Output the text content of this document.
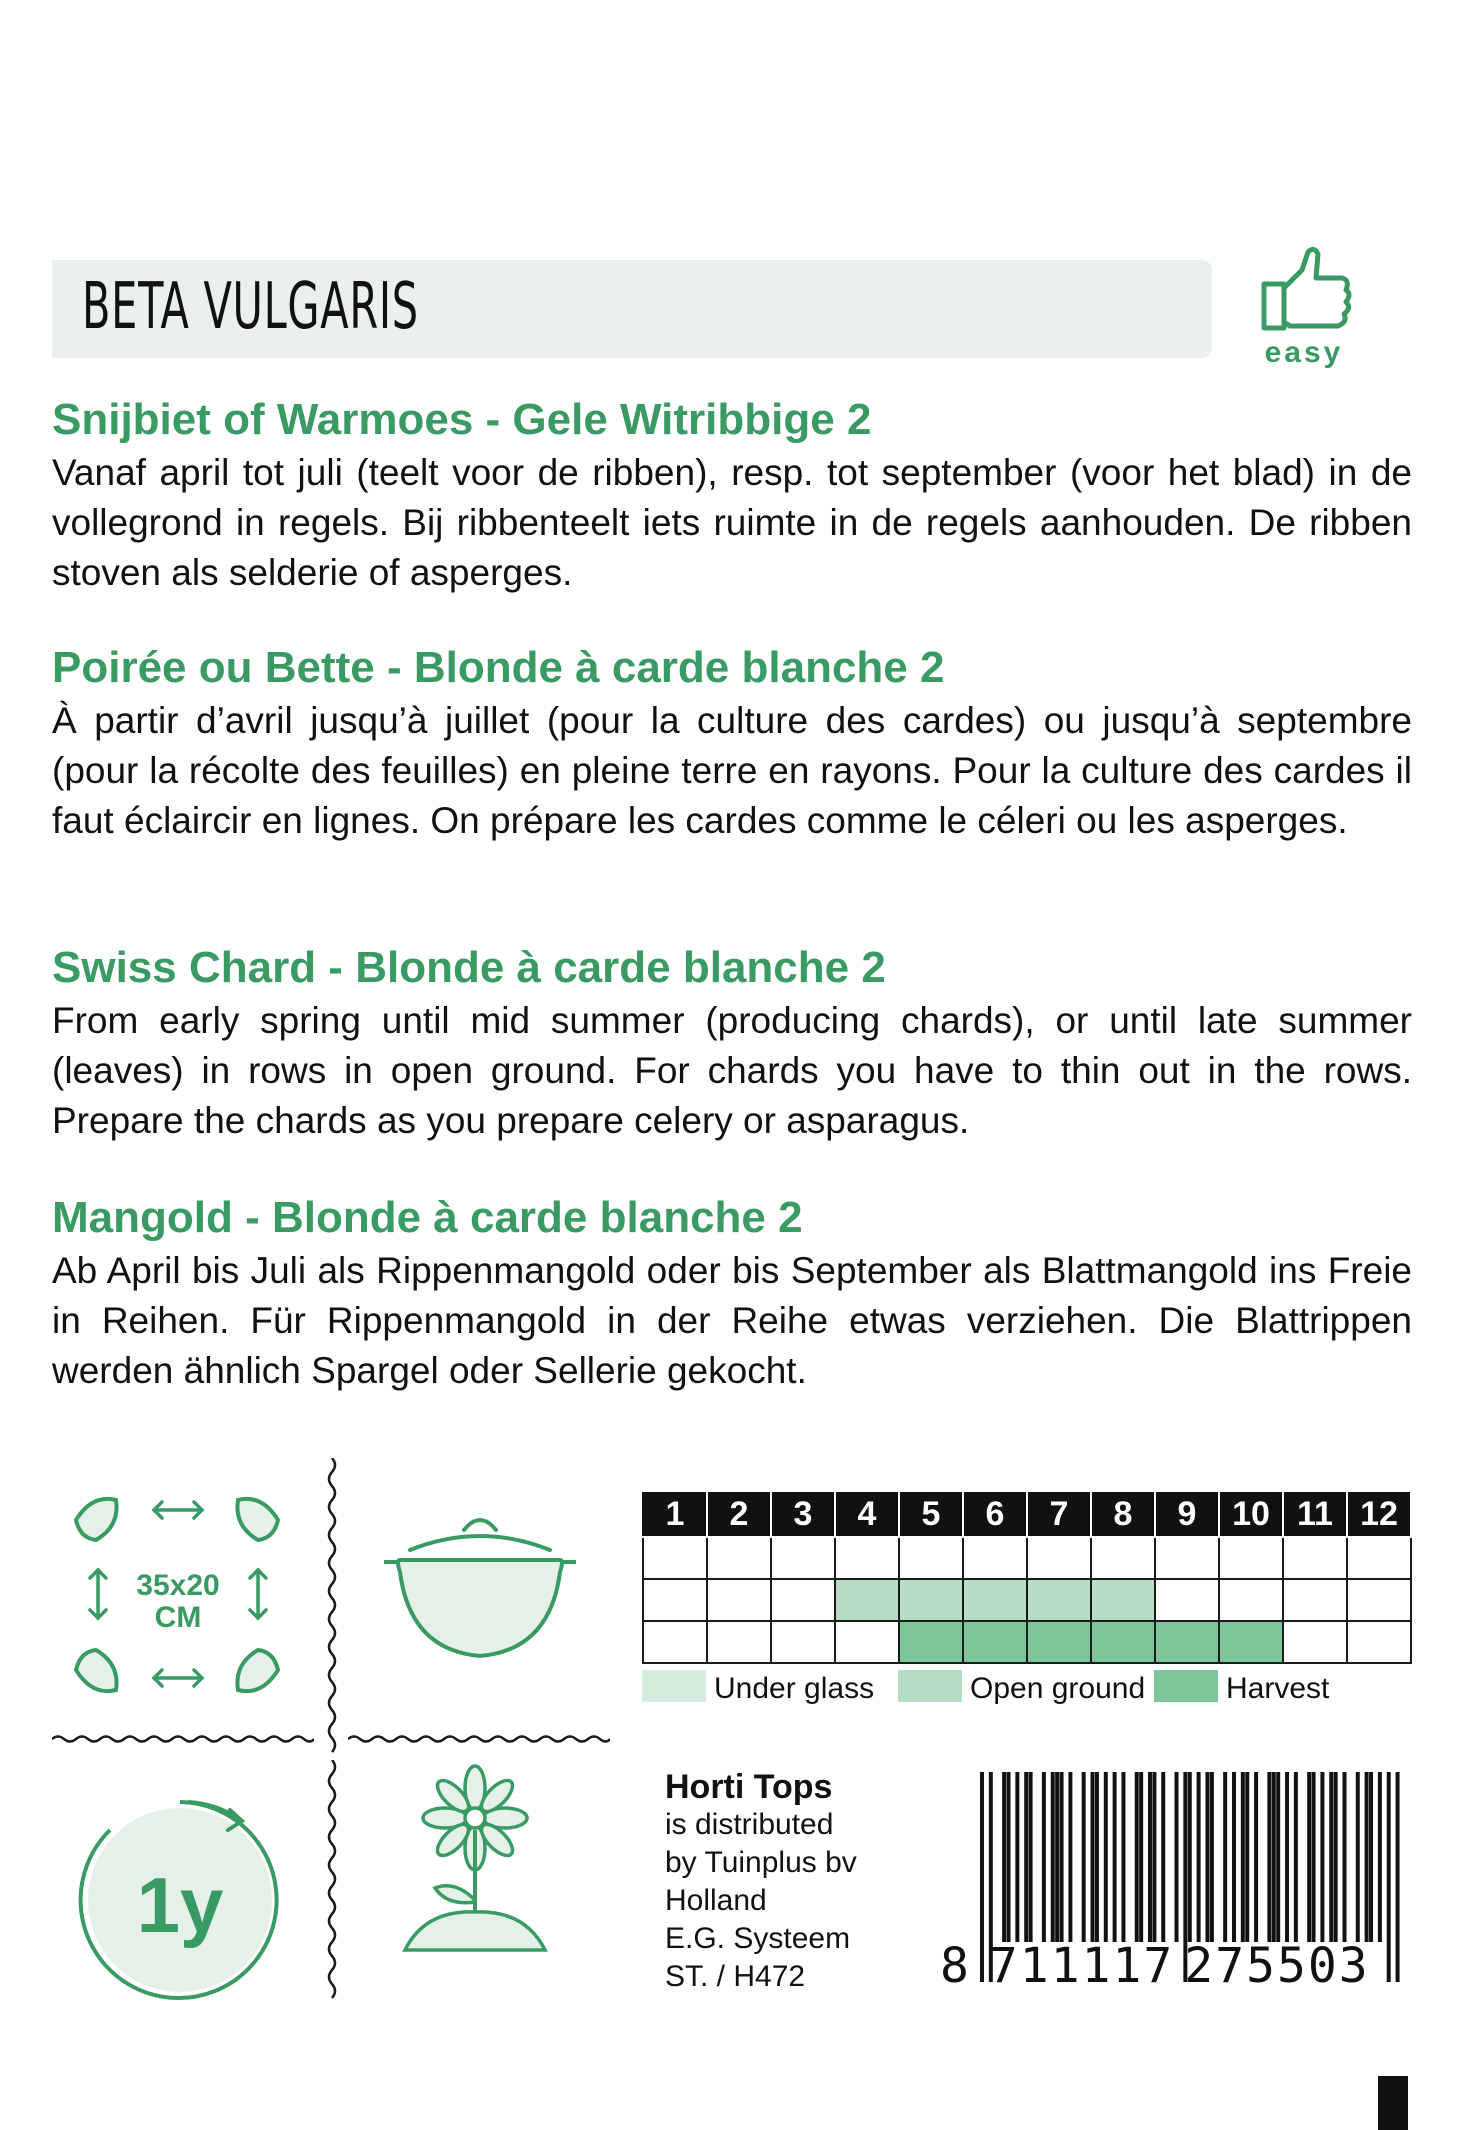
BETA VULGARIS
easy
Snijbiet of Warmoes - Gele Witribbige 2
Vanaf april tot juli (teelt voor de ribben), resp. tot september (voor het blad) in de vollegrond in regels. Bij ribbenteelt iets ruimte in de regels aanhouden. De ribben stoven als selderie of asperges.
Poirée ou Bette - Blonde à carde blanche 2
À partir d’avril jusqu’à juillet (pour la culture des cardes) ou jusqu’à septembre (pour la récolte des feuilles) en pleine terre en rayons. Pour la culture des cardes il faut éclaircir en lignes. On prépare les cardes comme le céleri ou les asperges.
Swiss Chard - Blonde à carde blanche 2
From early spring until mid summer (producing chards), or until late summer (leaves) in rows in open ground. For chards you have to thin out in the rows. Prepare the chards as you prepare celery or asparagus.
Mangold - Blonde à carde blanche 2
Ab April bis Juli als Rippenmangold oder bis September als Blattmangold ins Freie in Reihen. Für Rippenmangold in der Reihe etwas verziehen. Die Blattrippen werden ähnlich Spargel oder Sellerie gekocht.
35x20
CM
1y
1	2	3	4	5	6	7	8	9	10	11	12

Under glass	Open ground	Harvest
Horti Tops
is distributed
by Tuinplus bv
Holland
E.G. Systeem
ST. / H472	8 711117 275503
